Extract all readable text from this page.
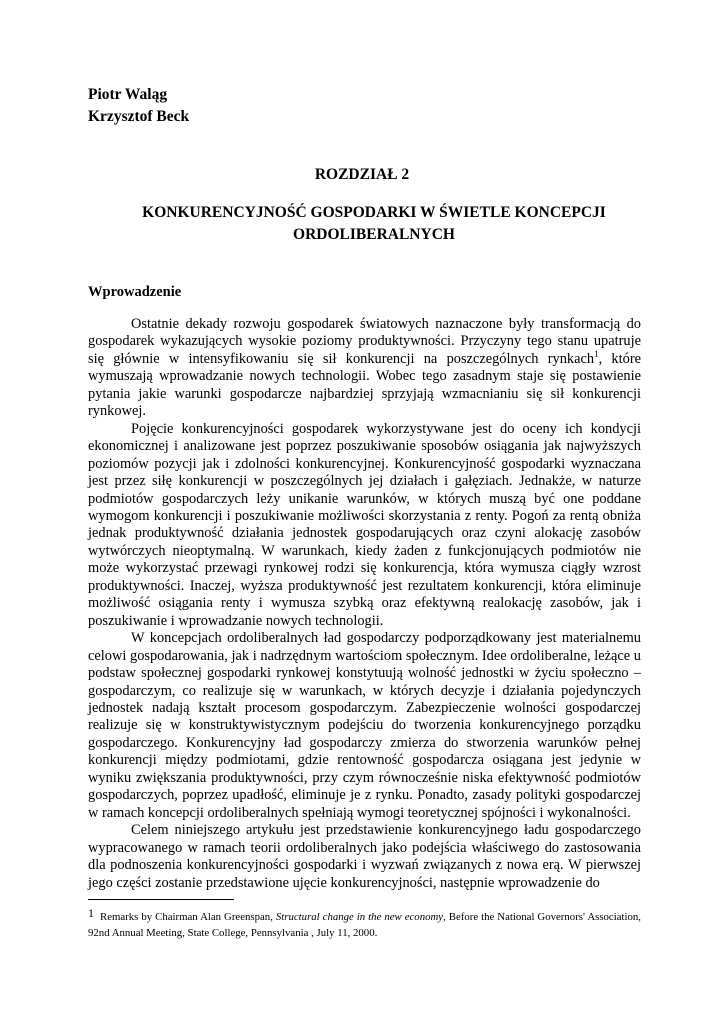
Piotr Waląg
Krzysztof Beck
ROZDZIAŁ 2
KONKURENCYJNOŚĆ GOSPODARKI W ŚWIETLE KONCEPCJI
ORDOLIBERALNYCH
Wprowadzenie

Ostatnie dekady rozwoju gospodarek światowych naznaczone były transformacją do gospodarek wykazujących wysokie poziomy produktywności. Przyczyny tego stanu upatruje się głównie w intensyfikowaniu się sił konkurencji na poszczególnych rynkach$^1$, które wymuszają wprowadzanie nowych technologii. Wobec tego zasadnym staje się postawienie pytania jakie warunki gospodarcze najbardziej sprzyjają wzmacnianiu się sił konkurencji rynkowej.

Pojęcie konkurencyjności gospodarek wykorzystywane jest do oceny ich kondycji ekonomicznej i analizowane jest poprzez poszukiwanie sposobów osiągania jak najwyższych poziomów pozycji jak i zdolności konkurencyjnej. Konkurencyjność gospodarki wyznaczana jest przez siłę konkurencji w poszczególnych jej działach i gałęziach. Jednakże, w naturze podmiotów gospodarczych leży unikanie warunków, w których muszą być one poddane wymogom konkurencji i poszukiwanie możliwości skorzystania z renty. Pogoń za rentą obniża jednak produktywność działania jednostek gospodarujących oraz czyni alokację zasobów wytwórczych nieoptymalną. W warunkach, kiedy żaden z funkcjonujących podmiotów nie może wykorzystać przewagi rynkowej rodzi się konkurencja, która wymusza ciągły wzrost produktywności. Inaczej, wyższa produktywność jest rezultatem konkurencji, która eliminuje możliwość osiągania renty i wymusza szybką oraz efektywną realokację zasobów, jak i poszukiwanie i wprowadzanie nowych technologii.

W koncepcjach ordoliberalnych ład gospodarczy podporządkowany jest materialnemu celowi gospodarowania, jak i nadrzędnym wartościom społecznym. Idee ordoliberalne, leżące u podstaw społecznej gospodarki rynkowej konstytuują wolność jednostki w życiu społeczno – gospodarczym, co realizuje się w warunkach, w których decyzje i działania pojedynczych jednostek nadają kształt procesom gospodarczym. Zabezpieczenie wolności gospodarczej realizuje się w konstruktywistycznym podejściu do tworzenia konkurencyjnego porządku gospodarczego. Konkurencyjny ład gospodarczy zmierza do stworzenia warunków pełnej konkurencji między podmiotami, gdzie rentowność gospodarcza osiągana jest jedynie w wyniku zwiększania produktywności, przy czym równocześnie niska efektywność podmiotów gospodarczych, poprzez upadłość, eliminuje je z rynku. Ponadto, zasady polityki gospodarczej w ramach koncepcji ordoliberalnych spełniają wymogi teoretycznej spójności i wykonalności.

Celem niniejszego artykułu jest przedstawienie konkurencyjnego ładu gospodarczego wypracowanego w ramach teorii ordoliberalnych jako podejścia właściwego do zastosowania dla podnoszenia konkurencyjności gospodarki i wyzwań związanych z nowa erą. W pierwszej jego części zostanie przedstawione ujęcie konkurencyjności, następnie wprowadzenie do

1 Remarks by Chairman Alan Greenspan, Structural change in the new economy, Before the National Governors' Association, 92nd Annual Meeting, State College, Pennsylvania , July 11, 2000.
